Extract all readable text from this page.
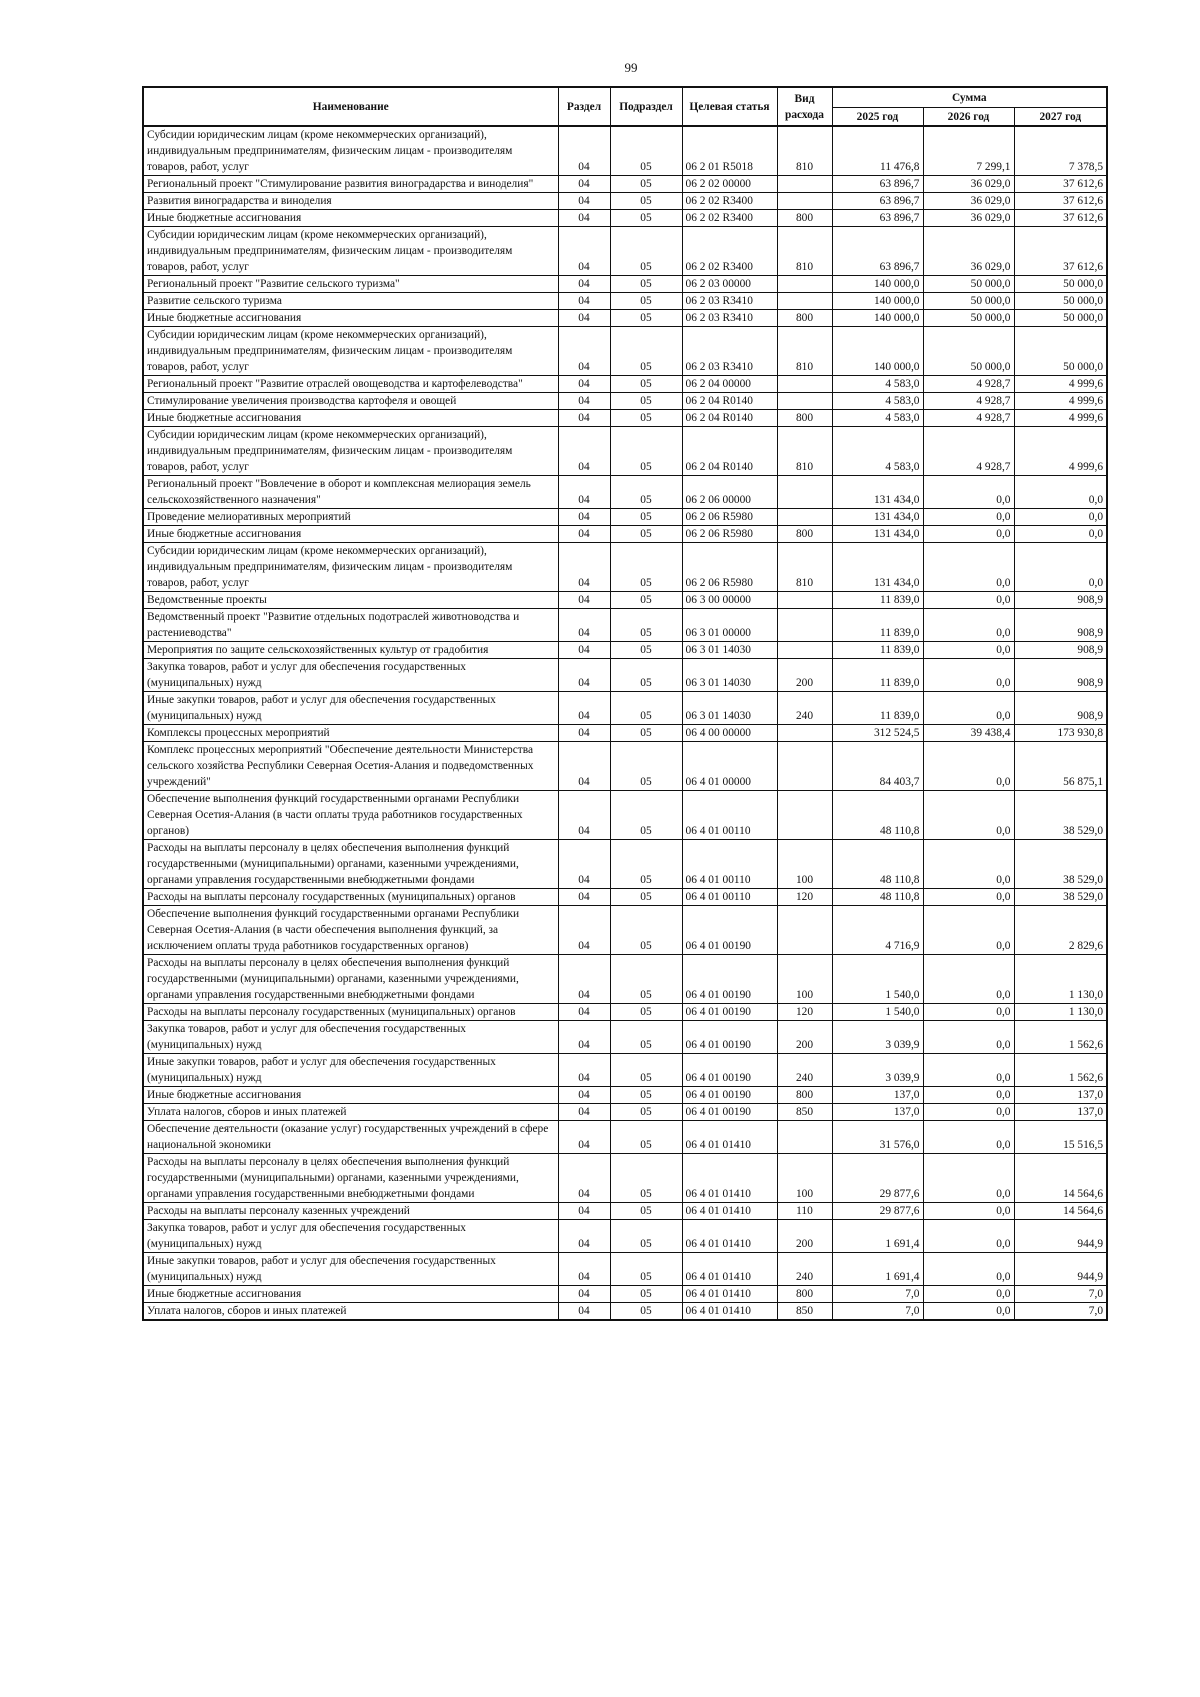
99
Наименование	Раздел	Подраздел	Целевая статья	Вид расхода	Сумма		
					2025 год	2026 год	2027 год
Субсидии юридическим лицам (кроме некоммерческих организаций), индивидуальным предпринимателям, физическим лицам - производителям товаров, работ, услуг	04	05	06 2 01 R5018	810	11 476,8	7 299,1	7 378,5
Региональный проект "Стимулирование развития виноградарства и виноделия"	04	05	06 2 02 00000		63 896,7	36 029,0	37 612,6
Развития виноградарства и виноделия	04	05	06 2 02 R3400		63 896,7	36 029,0	37 612,6
Иные бюджетные ассигнования	04	05	06 2 02 R3400	800	63 896,7	36 029,0	37 612,6
Субсидии юридическим лицам (кроме некоммерческих организаций), индивидуальным предпринимателям, физическим лицам - производителям товаров, работ, услуг	04	05	06 2 02 R3400	810	63 896,7	36 029,0	37 612,6
Региональный проект "Развитие сельского туризма"	04	05	06 2 03 00000		140 000,0	50 000,0	50 000,0
Развитие сельского туризма	04	05	06 2 03 R3410		140 000,0	50 000,0	50 000,0
Иные бюджетные ассигнования	04	05	06 2 03 R3410	800	140 000,0	50 000,0	50 000,0
Субсидии юридическим лицам (кроме некоммерческих организаций), индивидуальным предпринимателям, физическим лицам - производителям товаров, работ, услуг	04	05	06 2 03 R3410	810	140 000,0	50 000,0	50 000,0
Региональный проект "Развитие отраслей овощеводства и картофелеводства"	04	05	06 2 04 00000		4 583,0	4 928,7	4 999,6
Стимулирование увеличения производства картофеля и овощей	04	05	06 2 04 R0140		4 583,0	4 928,7	4 999,6
Иные бюджетные ассигнования	04	05	06 2 04 R0140	800	4 583,0	4 928,7	4 999,6
Субсидии юридическим лицам (кроме некоммерческих организаций), индивидуальным предпринимателям, физическим лицам - производителям товаров, работ, услуг	04	05	06 2 04 R0140	810	4 583,0	4 928,7	4 999,6
Региональный проект "Вовлечение в оборот и комплексная мелиорация земель сельскохозяйственного назначения"	04	05	06 2 06 00000		131 434,0	0,0	0,0
Проведение мелиоративных мероприятий	04	05	06 2 06 R5980		131 434,0	0,0	0,0
Иные бюджетные ассигнования	04	05	06 2 06 R5980	800	131 434,0	0,0	0,0
Субсидии юридическим лицам (кроме некоммерческих организаций), индивидуальным предпринимателям, физическим лицам - производителям товаров, работ, услуг	04	05	06 2 06 R5980	810	131 434,0	0,0	0,0
Ведомственные проекты	04	05	06 3 00 00000		11 839,0	0,0	908,9
Ведомственный проект "Развитие отдельных подотраслей животноводства и растениеводства"	04	05	06 3 01 00000		11 839,0	0,0	908,9
Мероприятия по защите сельскохозяйственных культур от градобития	04	05	06 3 01 14030		11 839,0	0,0	908,9
Закупка товаров, работ и услуг для обеспечения государственных (муниципальных) нужд	04	05	06 3 01 14030	200	11 839,0	0,0	908,9
Иные закупки товаров, работ и услуг для обеспечения государственных (муниципальных) нужд	04	05	06 3 01 14030	240	11 839,0	0,0	908,9
Комплексы процессных мероприятий	04	05	06 4 00 00000		312 524,5	39 438,4	173 930,8
Комплекс процессных мероприятий "Обеспечение деятельности Министерства сельского хозяйства Республики Северная Осетия-Алания и подведомственных учреждений"	04	05	06 4 01 00000		84 403,7	0,0	56 875,1
Обеспечение выполнения функций государственными органами Республики Северная Осетия-Алания (в части оплаты труда работников государственных органов)	04	05	06 4 01 00110		48 110,8	0,0	38 529,0
Расходы на выплаты персоналу в целях обеспечения выполнения функций государственными (муниципальными) органами, казенными учреждениями, органами управления государственными внебюджетными фондами	04	05	06 4 01 00110	100	48 110,8	0,0	38 529,0
Расходы на выплаты персоналу государственных (муниципальных) органов	04	05	06 4 01 00110	120	48 110,8	0,0	38 529,0
Обеспечение выполнения функций государственными органами Республики Северная Осетия-Алания (в части обеспечения выполнения функций, за исключением оплаты труда работников государственных органов)	04	05	06 4 01 00190		4 716,9	0,0	2 829,6
Расходы на выплаты персоналу в целях обеспечения выполнения функций государственными (муниципальными) органами, казенными учреждениями, органами управления государственными внебюджетными фондами	04	05	06 4 01 00190	100	1 540,0	0,0	1 130,0
Расходы на выплаты персоналу государственных (муниципальных) органов	04	05	06 4 01 00190	120	1 540,0	0,0	1 130,0
Закупка товаров, работ и услуг для обеспечения государственных (муниципальных) нужд	04	05	06 4 01 00190	200	3 039,9	0,0	1 562,6
Иные закупки товаров, работ и услуг для обеспечения государственных (муниципальных) нужд	04	05	06 4 01 00190	240	3 039,9	0,0	1 562,6
Иные бюджетные ассигнования	04	05	06 4 01 00190	800	137,0	0,0	137,0
Уплата налогов, сборов и иных платежей	04	05	06 4 01 00190	850	137,0	0,0	137,0
Обеспечение деятельности (оказание услуг) государственных учреждений в сфере национальной экономики	04	05	06 4 01 01410		31 576,0	0,0	15 516,5
Расходы на выплаты персоналу в целях обеспечения выполнения функций государственными (муниципальными) органами, казенными учреждениями, органами управления государственными внебюджетными фондами	04	05	06 4 01 01410	100	29 877,6	0,0	14 564,6
Расходы на выплаты персоналу казенных учреждений	04	05	06 4 01 01410	110	29 877,6	0,0	14 564,6
Закупка товаров, работ и услуг для обеспечения государственных (муниципальных) нужд	04	05	06 4 01 01410	200	1 691,4	0,0	944,9
Иные закупки товаров, работ и услуг для обеспечения государственных (муниципальных) нужд	04	05	06 4 01 01410	240	1 691,4	0,0	944,9
Иные бюджетные ассигнования	04	05	06 4 01 01410	800	7,0	0,0	7,0
Уплата налогов, сборов и иных платежей	04	05	06 4 01 01410	850	7,0	0,0	7,0
